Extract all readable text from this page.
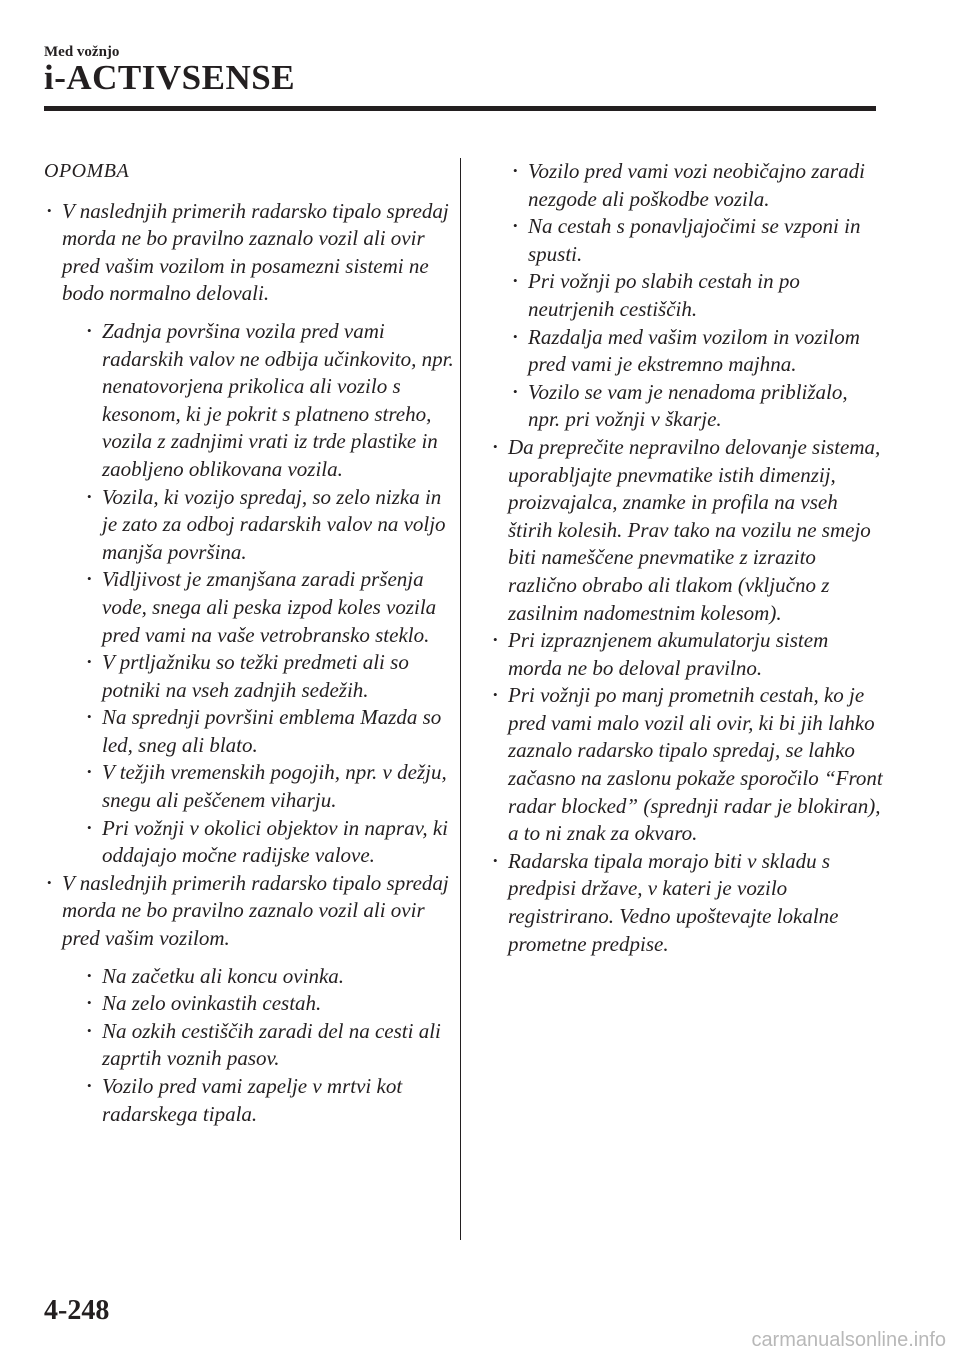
Med vožnjo
i-ACTIVSENSE
OPOMBA
• V naslednjih primerih radarsko tipalo spredaj morda ne bo pravilno zaznalo vozil ali ovir pred vašim vozilom in posamezni sistemi ne bodo normalno delovali.
• Zadnja površina vozila pred vami radarskih valov ne odbija učinkovito, npr. nenatovorjena prikolica ali vozilo s kesonom, ki je pokrit s platneno streho, vozila z zadnjimi vrati iz trde plastike in zaobljeno oblikovana vozila.
• Vozila, ki vozijo spredaj, so zelo nizka in je zato za odboj radarskih valov na voljo manjša površina.
• Vidljivost je zmanjšana zaradi pršenja vode, snega ali peska izpod koles vozila pred vami na vaše vetrobransko steklo.
• V prtljažniku so težki predmeti ali so potniki na vseh zadnjih sedežih.
• Na sprednji površini emblema Mazda so led, sneg ali blato.
• V težjih vremenskih pogojih, npr. v dežju, snegu ali peščenem viharju.
• Pri vožnji v okolici objektov in naprav, ki oddajajo močne radijske valove.
• V naslednjih primerih radarsko tipalo spredaj morda ne bo pravilno zaznalo vozil ali ovir pred vašim vozilom.
• Na začetku ali koncu ovinka.
• Na zelo ovinkastih cestah.
• Na ozkih cestiščih zaradi del na cesti ali zaprtih voznih pasov.
• Vozilo pred vami zapelje v mrtvi kot radarskega tipala.
• Vozilo pred vami vozi neobičajno zaradi nezgode ali poškodbe vozila.
• Na cestah s ponavljajočimi se vzponi in spusti.
• Pri vožnji po slabih cestah in po neutrjenih cestiščih.
• Razdalja med vašim vozilom in vozilom pred vami je ekstremno majhna.
• Vozilo se vam je nenadoma približalo, npr. pri vožnji v škarje.
• Da preprečite nepravilno delovanje sistema, uporabljajte pnevmatike istih dimenzij, proizvajalca, znamke in profila na vseh štirih kolesih. Prav tako na vozilu ne smejo biti nameščene pnevmatike z izrazito različno obrabo ali tlakom (vključno z zasilnim nadomestnim kolesom).
• Pri izpraznjenem akumulatorju sistem morda ne bo deloval pravilno.
• Pri vožnji po manj prometnih cestah, ko je pred vami malo vozil ali ovir, ki bi jih lahko zaznalo radarsko tipalo spredaj, se lahko začasno na zaslonu pokaže sporočilo “Front radar blocked” (sprednji radar je blokiran), a to ni znak za okvaro.
• Radarska tipala morajo biti v skladu s predpisi države, v kateri je vozilo registrirano. Vedno upoštevajte lokalne prometne predpise.
4-248
carmanualsonline.info
